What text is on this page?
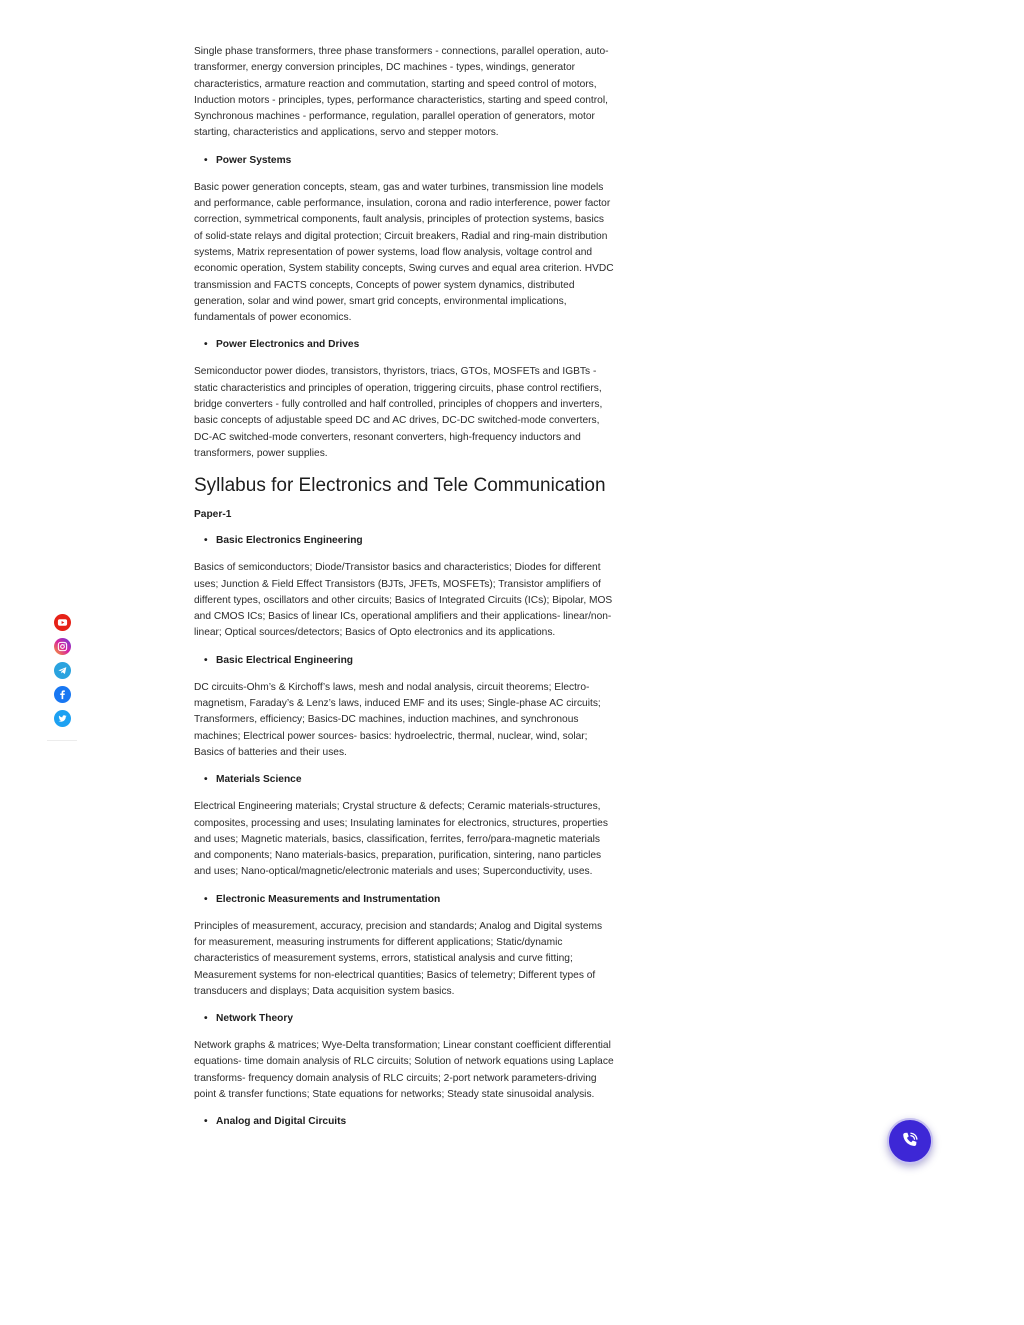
Single phase transformers, three phase transformers - connections, parallel operation, auto-transformer, energy conversion principles, DC machines - types, windings, generator characteristics, armature reaction and commutation, starting and speed control of motors, Induction motors - principles, types, performance characteristics, starting and speed control, Synchronous machines - performance, regulation, parallel operation of generators, motor starting, characteristics and applications, servo and stepper motors.

• Power Systems

Basic power generation concepts, steam, gas and water turbines, transmission line models and performance, cable performance, insulation, corona and radio interference, power factor correction, symmetrical components, fault analysis, principles of protection systems, basics of solid-state relays and digital protection; Circuit breakers, Radial and ring-main distribution systems, Matrix representation of power systems, load flow analysis, voltage control and economic operation, System stability concepts, Swing curves and equal area criterion. HVDC transmission and FACTS concepts, Concepts of power system dynamics, distributed generation, solar and wind power, smart grid concepts, environmental implications, fundamentals of power economics.

• Power Electronics and Drives

Semiconductor power diodes, transistors, thyristors, triacs, GTOs, MOSFETs and IGBTs - static characteristics and principles of operation, triggering circuits, phase control rectifiers, bridge converters - fully controlled and half controlled, principles of choppers and inverters, basic concepts of adjustable speed DC and AC drives, DC-DC switched-mode converters, DC-AC switched-mode converters, resonant converters, high-frequency inductors and transformers, power supplies.

Syllabus for Electronics and Tele Communication
Paper-1
• Basic Electronics Engineering

Basics of semiconductors; Diode/Transistor basics and characteristics; Diodes for different uses; Junction & Field Effect Transistors (BJTs, JFETs, MOSFETs); Transistor amplifiers of different types, oscillators and other circuits; Basics of Integrated Circuits (ICs); Bipolar, MOS and CMOS ICs; Basics of linear ICs, operational amplifiers and their applications- linear/non-linear; Optical sources/detectors; Basics of Opto electronics and its applications.

• Basic Electrical Engineering

DC circuits-Ohm’s & Kirchoff’s laws, mesh and nodal analysis, circuit theorems; Electro-magnetism, Faraday’s & Lenz’s laws, induced EMF and its uses; Single-phase AC circuits; Transformers, efficiency; Basics-DC machines, induction machines, and synchronous machines; Electrical power sources- basics: hydroelectric, thermal, nuclear, wind, solar; Basics of batteries and their uses.

• Materials Science

Electrical Engineering materials; Crystal structure & defects; Ceramic materials-structures, composites, processing and uses; Insulating laminates for electronics, structures, properties and uses; Magnetic materials, basics, classification, ferrites, ferro/para-magnetic materials and components; Nano materials-basics, preparation, purification, sintering, nano particles and uses; Nano-optical/magnetic/electronic materials and uses; Superconductivity, uses.

• Electronic Measurements and Instrumentation

Principles of measurement, accuracy, precision and standards; Analog and Digital systems for measurement, measuring instruments for different applications; Static/dynamic characteristics of measurement systems, errors, statistical analysis and curve fitting; Measurement systems for non-electrical quantities; Basics of telemetry; Different types of transducers and displays; Data acquisition system basics.

• Network Theory

Network graphs & matrices; Wye-Delta transformation; Linear constant coefficient differential equations- time domain analysis of RLC circuits; Solution of network equations using Laplace transforms- frequency domain analysis of RLC circuits; 2-port network parameters-driving point & transfer functions; State equations for networks; Steady state sinusoidal analysis.

• Analog and Digital Circuits
